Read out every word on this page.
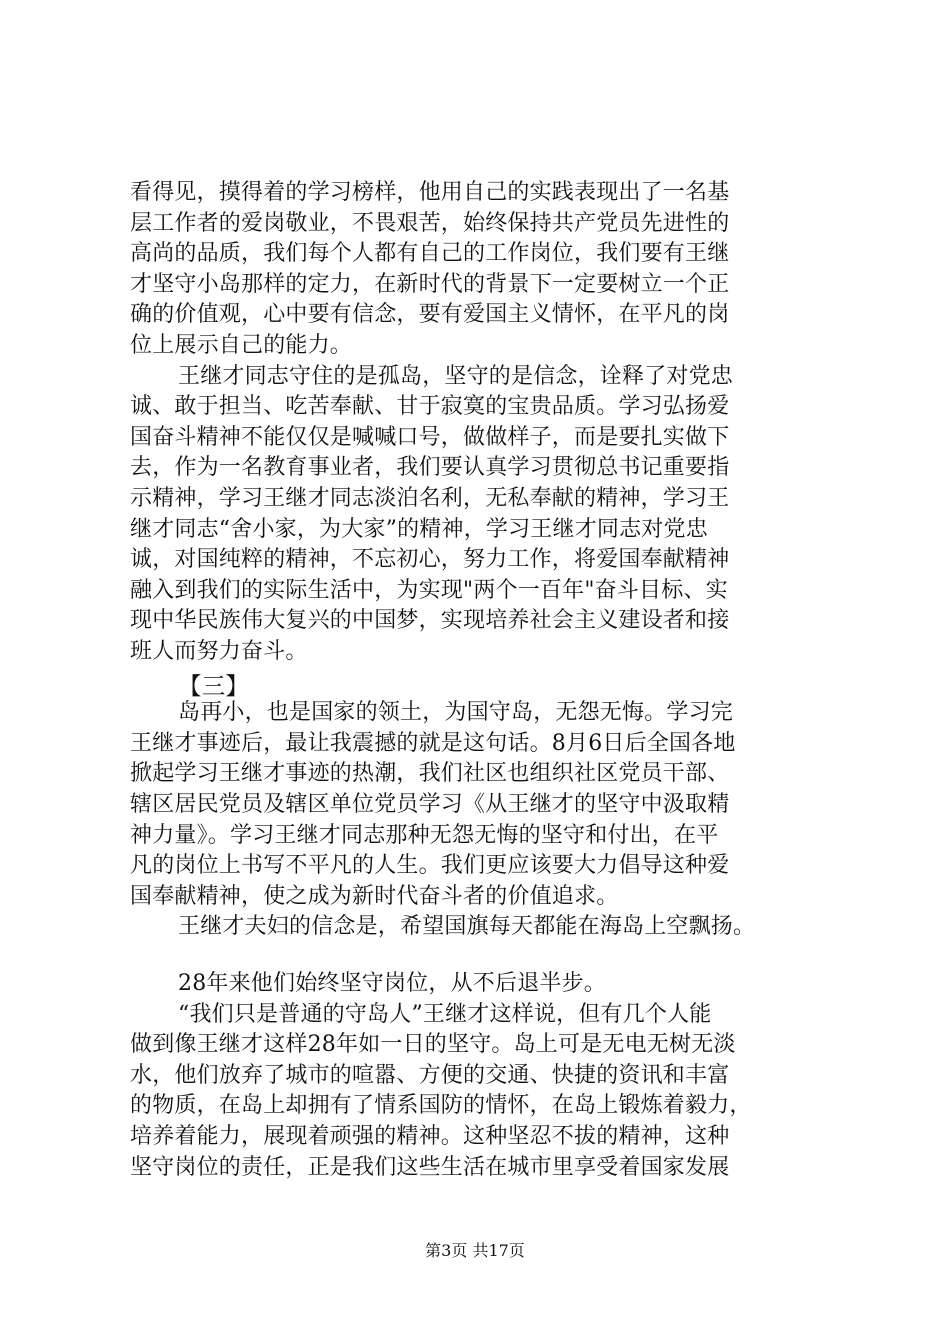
看得见，摸得着的学习榜样，他用自己的实践表现出了一名基
层工作者的爱岗敬业，不畏艰苦，始终保持共产党员先进性的
高尚的品质，我们每个人都有自己的工作岗位，我们要有王继
才坚守小岛那样的定力，在新时代的背景下一定要树立一个正
确的价值观，心中要有信念，要有爱国主义情怀，在平凡的岗
位上展示自己的能力。
王继才同志守住的是孤岛，坚守的是信念，诠释了对党忠
诚、敢于担当、吃苦奉献、甘于寂寞的宝贵品质。学习弘扬爱
国奋斗精神不能仅仅是喊喊口号，做做样子，而是要扎实做下
去，作为一名教育事业者，我们要认真学习贯彻总书记重要指
示精神，学习王继才同志淡泊名利，无私奉献的精神，学习王
继才同志“舍小家，为大家”的精神，学习王继才同志对党忠
诚，对国纯粹的精神，不忘初心，努力工作，将爱国奉献精神
融入到我们的实际生活中，为实现"两个一百年"奋斗目标、实
现中华民族伟大复兴的中国梦，实现培养社会主义建设者和接
班人而努力奋斗。
【三】
岛再小，也是国家的领土，为国守岛，无怨无悔。学习完
王继才事迹后，最让我震撼的就是这句话。8月6日后全国各地
掀起学习王继才事迹的热潮，我们社区也组织社区党员干部、
辖区居民党员及辖区单位党员学习《从王继才的坚守中汲取精
神力量》。学习王继才同志那种无怨无悔的坚守和付出，在平
凡的岗位上书写不平凡的人生。我们更应该要大力倡导这种爱
国奉献精神，使之成为新时代奋斗者的价值追求。
王继才夫妇的信念是，希望国旗每天都能在海岛上空飘扬。
28年来他们始终坚守岗位，从不后退半步。
“我们只是普通的守岛人”王继才这样说，但有几个人能
做到像王继才这样28年如一日的坚守。岛上可是无电无树无淡
水，他们放弃了城市的喧嚣、方便的交通、快捷的资讯和丰富
的物质，在岛上却拥有了情系国防的情怀，在岛上锻炼着毅力，
培养着能力，展现着顽强的精神。这种坚忍不拔的精神，这种
坚守岗位的责任，正是我们这些生活在城市里享受着国家发展
第3页 共17页
